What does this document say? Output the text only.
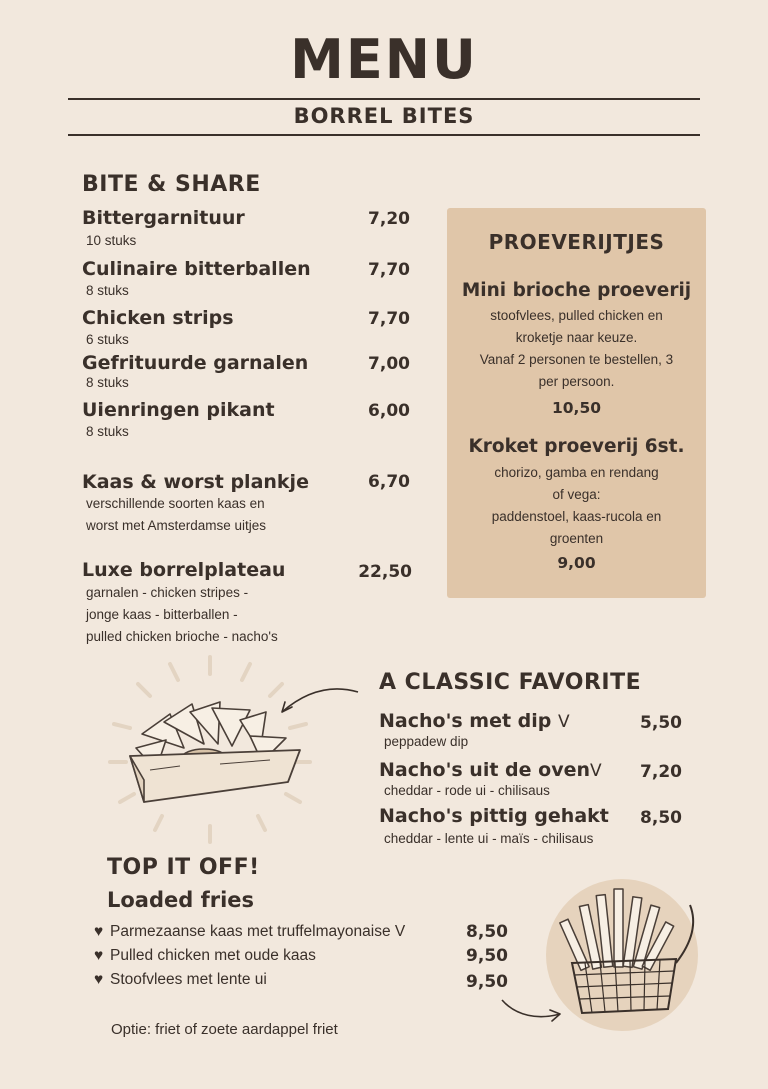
MENU
BORREL BITES
BITE & SHARE
Bittergarnituur	7,20
10 stuks
Culinaire bitterballen	7,70
8 stuks
Chicken strips	7,70
6 stuks
Gefrituurde garnalen	7,00
8 stuks
Uienringen pikant	6,00
8 stuks
Kaas & worst plankje	6,70
verschillende soorten kaas en
worst met Amsterdamse uitjes
Luxe borrelplateau	22,50
garnalen - chicken stripes -
jonge kaas - bitterballen -
pulled chicken brioche - nacho's
PROEVERIJTJES
Mini brioche proeverij
stoofvlees, pulled chicken en
kroketje naar keuze.
Vanaf 2 personen te bestellen, 3
per persoon.
10,50
Kroket proeverij 6st.
chorizo, gamba en rendang
of vega:
paddenstoel, kaas-rucola en
groenten
9,00
A CLASSIC FAVORITE
Nacho's met dip V	5,50
peppadew dip
Nacho's uit de ovenV	7,20
cheddar - rode ui - chilisaus
Nacho's pittig gehakt	8,50
cheddar - lente ui - maïs - chilisaus
TOP IT OFF!
Loaded fries
♥ Parmezaanse kaas met truffelmayonaise V	8,50
♥ Pulled chicken met oude kaas	9,50
♥ Stoofvlees met lente ui	9,50
Optie: friet of zoete aardappel friet
